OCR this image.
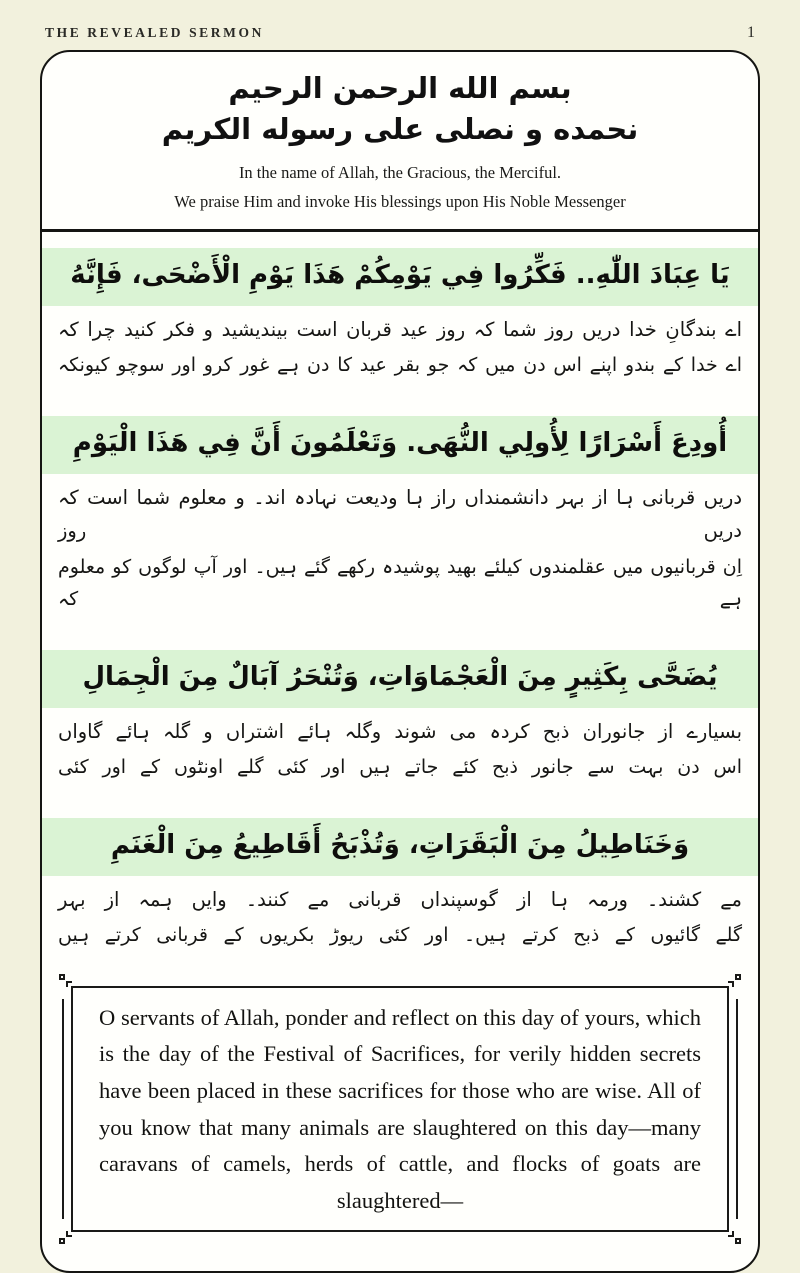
THE REVEALED SERMON	1
بسم الله الرحمن الرحيم
نحمده و نصلى على رسوله الكريم
In the name of Allah, the Gracious, the Merciful.
We praise Him and invoke His blessings upon His Noble Messenger
يَا عِبَادَ اللّٰهِ.. فَكِّرُوا فِي يَوْمِكُمْ هَذَا يَوْمِ الْأَضْحَى، فَإِنَّهُ
اے بندگانِ خدا دریں روز شما کہ روز عید قربان است بیندیشید و فکر کنید چرا کہ
اے خدا کے بندو اپنے اس دن میں کہ جو بقر عید کا دن ہے غور کرو اور سوچو کیونکہ
أُودِعَ أَسْرَارًا لِأُولِي النُّهَى. وَتَعْلَمُونَ أَنَّ فِي هَذَا الْيَوْمِ
دریں قربانی ہا از بہر دانشمنداں راز ہا ودیعت نہادہ اند۔ و معلوم شما است کہ دریں روز
اِن قربانیوں میں عقلمندوں کیلئے بھید پوشیدہ رکھے گئے ہیں۔ اور آپ لوگوں کو معلوم ہے کہ
يُضَحَّى بِكَثِيرٍ مِنَ الْعَجْمَاوَاتِ، وَتُنْحَرُ آبَالٌ مِنَ الْجِمَالِ
بسیارے از جانوران ذبح کردہ می شوند وگلہ ہائے اشتراں و گلہ ہائے گاواں
اس دن بہت سے جانور ذبح کئے جاتے ہیں اور کئی گلے اونٹوں کے اور کئی
وَخَنَاطِيلُ مِنَ الْبَقَرَاتِ، وَتُذْبَحُ أَقَاطِيعُ مِنَ الْغَنَمِ
مے کشند۔ ورمہ ہا از گوسپنداں قربانی مے کنند۔ وایں ہمہ از بہر
گلے گائیوں کے ذبح کرتے ہیں۔ اور کئی ریوڑ بکریوں کے قربانی کرتے ہیں

O servants of Allah, ponder and reflect on this day of yours, which is the day of the Festival of Sacrifices, for verily hidden secrets have been placed in these sacrifices for those who are wise. All of you know that many animals are slaughtered on this day—many caravans of camels, herds of cattle, and flocks of goats are slaughtered—
